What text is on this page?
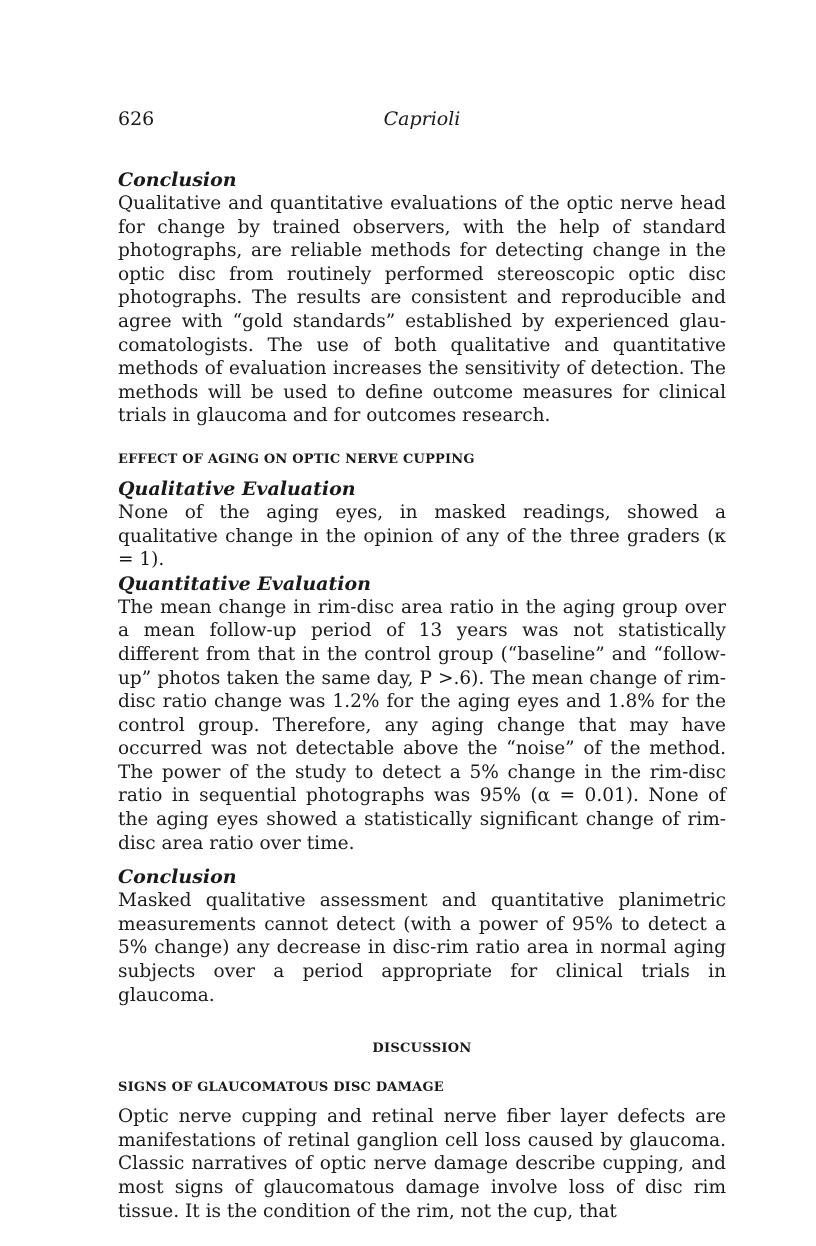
626	Caprioli
Conclusion

Qualitative and quantitative evaluations of the optic nerve head for change by trained observers, with the help of standard photographs, are reliable methods for detecting change in the optic disc from routinely performed stereoscopic optic disc photographs. The results are consistent and reproducible and agree with “gold standards” established by experienced glaucomatologists. The use of both qualitative and quantitative methods of evaluation increases the sensitivity of detection. The methods will be used to define outcome measures for clinical trials in glaucoma and for outcomes research.

EFFECT OF AGING ON OPTIC NERVE CUPPING
Qualitative Evaluation

None of the aging eyes, in masked readings, showed a qualitative change in the opinion of any of the three graders (κ = 1).

Quantitative Evaluation

The mean change in rim-disc area ratio in the aging group over a mean follow-up period of 13 years was not statistically different from that in the control group (“baseline” and “follow-up” photos taken the same day, P >.6). The mean change of rim-disc ratio change was 1.2% for the aging eyes and 1.8% for the control group. Therefore, any aging change that may have occurred was not detectable above the “noise” of the method. The power of the study to detect a 5% change in the rim-disc ratio in sequential photographs was 95% (α = 0.01). None of the aging eyes showed a statistically significant change of rim-disc area ratio over time.

Conclusion

Masked qualitative assessment and quantitative planimetric measurements cannot detect (with a power of 95% to detect a 5% change) any decrease in disc-rim ratio area in normal aging subjects over a period appropriate for clinical trials in glaucoma.

DISCUSSION
SIGNS OF GLAUCOMATOUS DISC DAMAGE

Optic nerve cupping and retinal nerve fiber layer defects are manifestations of retinal ganglion cell loss caused by glaucoma. Classic narratives of optic nerve damage describe cupping, and most signs of glaucomatous damage involve loss of disc rim tissue. It is the condition of the rim, not the cup, that
